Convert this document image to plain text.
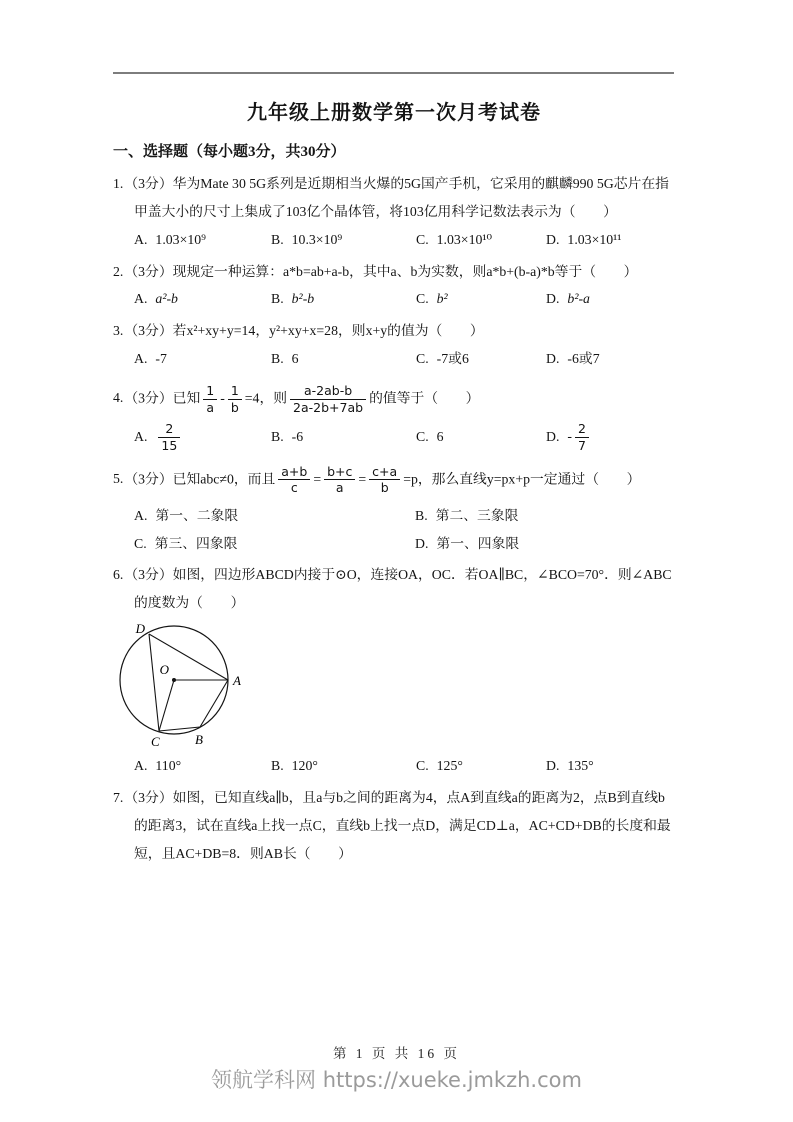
九年级上册数学第一次月考试卷
一、选择题（每小题3分，共30分）

1.（3分）华为Mate 30 5G系列是近期相当火爆的5G国产手机，它采用的麒麟990 5G芯片在指甲盖大小的尺寸上集成了103亿个晶体管，将103亿用科学记数法表示为（　　）

A. 1.03×10⁹	B. 10.3×10⁹	C. 1.03×10¹⁰	D. 1.03×10¹¹

2.（3分）现规定一种运算：a*b=ab+a-b，其中a、b为实数，则a*b+(b-a)*b等于（　　）

A. a²-b	B. b²-b	C. b²	D. b²-a

3.（3分）若x²+xy+y=14，y²+xy+x=28，则x+y的值为（　　）

A. -7	B. 6	C. -7或6	D. -6或7

4.（3分）已知 $\frac{1}{a} - \frac{1}{b} =4$，则 $\frac{a-2ab-b}{2a-2b+7ab}$ 的值等于（　　）

A. $\frac{2}{15}$	B. -6	C. 6	D. - $\frac{2}{7}$

5.（3分）已知abc≠0，而且 $\frac{a+b}{c} = \frac{b+c}{a} = \frac{c+a}{b} =p$，那么直线y=px+p一定通过（　　）

A. 第一、二象限	B. 第二、三象限
C. 第三、四象限	D. 第一、四象限

6.（3分）如图，四边形ABCD内接于⊙O，连接OA，OC．若OA∥BC，∠BCO=70°．则∠ABC的度数为（　　）

D
O
A
C	B
A. 110°	B. 120°	C. 125°	D. 135°

7.（3分）如图，已知直线a∥b，且a与b之间的距离为4，点A到直线a的距离为2，点B到直线b的距离3，试在直线a上找一点C，直线b上找一点D，满足CD⊥a，AC+CD+DB的长度和最短，且AC+DB=8．则AB长（　　）

第 1 页 共 16 页
领航学科网 https://xueke.jmkzh.com
